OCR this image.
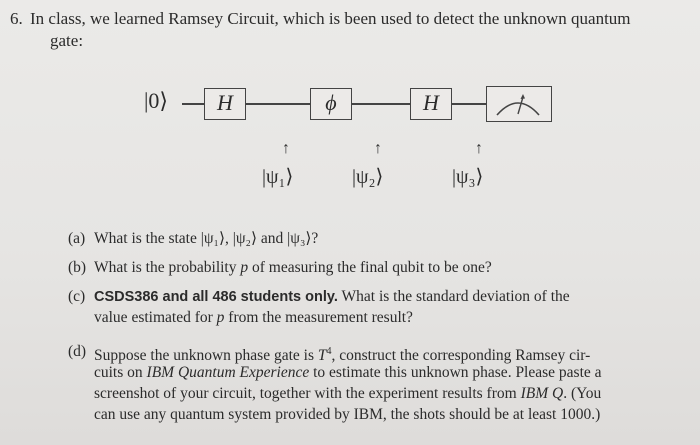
6. In class, we learned Ramsey Circuit, which is been used to detect the unknown quantum
gate:
|0⟩	H	ϕ	H
↑	↑	↑
|ψ₁⟩	|ψ₂⟩	|ψ₃⟩
(a) What is the state |ψ₁⟩, |ψ₂⟩ and |ψ₃⟩?
(b) What is the probability p of measuring the final qubit to be one?
(c) CSDS386 and all 486 students only. What is the standard deviation of the
value estimated for p from the measurement result?
(d) Suppose the unknown phase gate is $T^4$, construct the corresponding Ramsey cir-
cuits on IBM Quantum Experience to estimate this unknown phase. Please paste a
screenshot of your circuit, together with the experiment results from IBM Q. (You
can use any quantum system provided by IBM, the shots should be at least 1000.)
